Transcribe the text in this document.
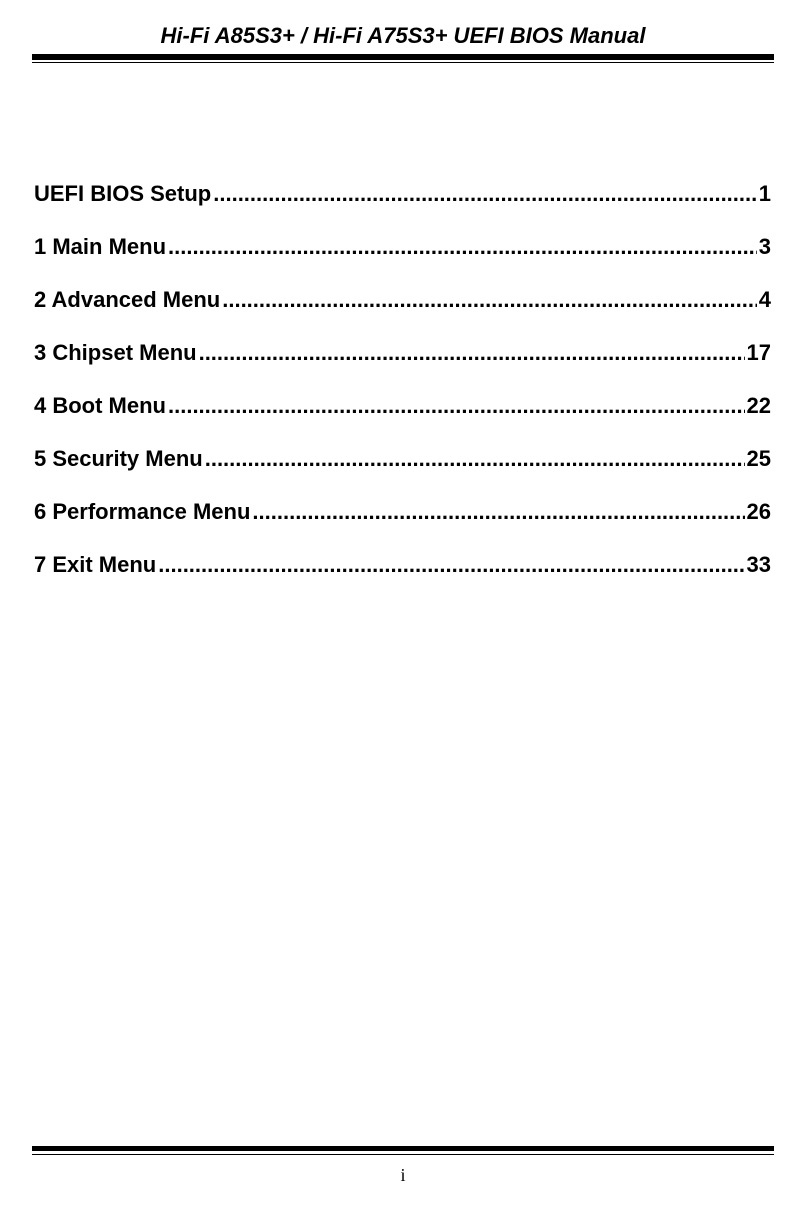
Hi-Fi A85S3+ / Hi-Fi A75S3+ UEFI BIOS Manual
UEFI BIOS Setup .....	1
1 Main Menu .....	3
2 Advanced Menu .....	4
3 Chipset Menu .....	17
4 Boot Menu .....	22
5 Security Menu .....	25
6 Performance Menu .....	26
7 Exit Menu .....	33
i
